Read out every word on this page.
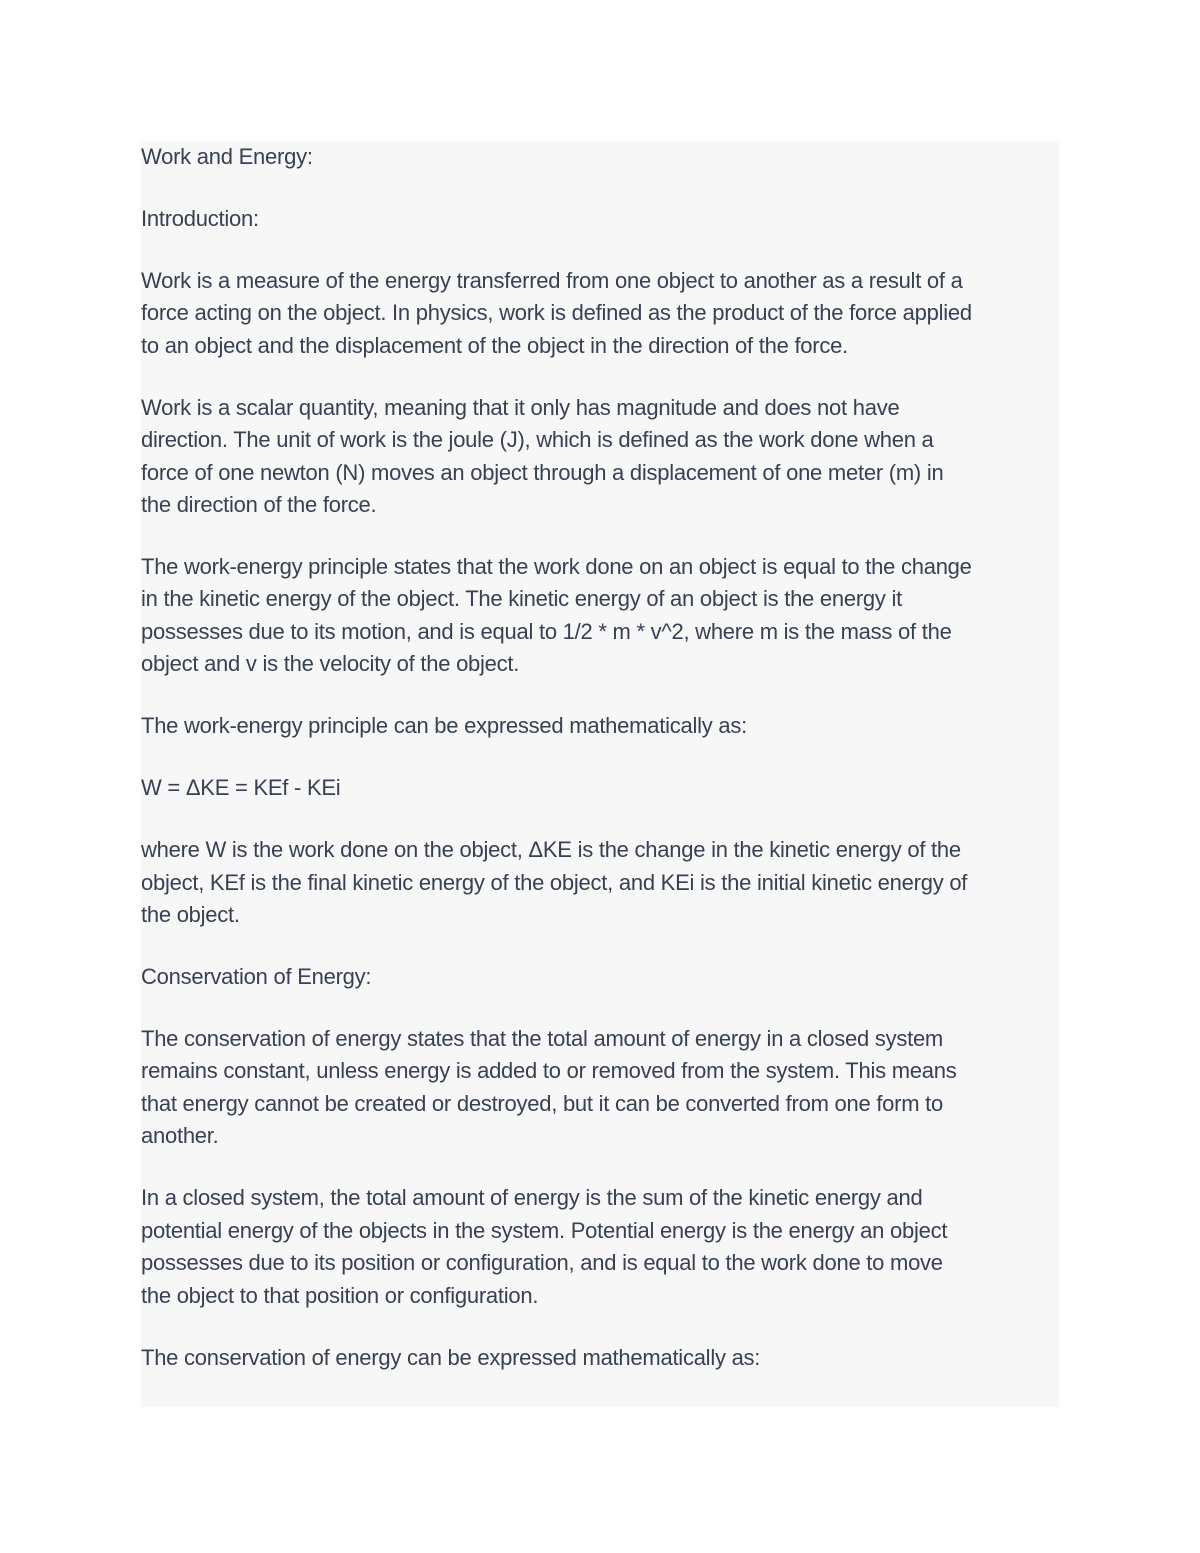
Work and Energy:

Introduction:

Work is a measure of the energy transferred from one object to another as a result of a
force acting on the object. In physics, work is defined as the product of the force applied
to an object and the displacement of the object in the direction of the force.

Work is a scalar quantity, meaning that it only has magnitude and does not have
direction. The unit of work is the joule (J), which is defined as the work done when a
force of one newton (N) moves an object through a displacement of one meter (m) in
the direction of the force.

The work-energy principle states that the work done on an object is equal to the change
in the kinetic energy of the object. The kinetic energy of an object is the energy it
possesses due to its motion, and is equal to 1/2 * m * v^2, where m is the mass of the
object and v is the velocity of the object.

The work-energy principle can be expressed mathematically as:

W = ΔKE = KEf - KEi

where W is the work done on the object, ΔKE is the change in the kinetic energy of the
object, KEf is the final kinetic energy of the object, and KEi is the initial kinetic energy of
the object.

Conservation of Energy:

The conservation of energy states that the total amount of energy in a closed system
remains constant, unless energy is added to or removed from the system. This means
that energy cannot be created or destroyed, but it can be converted from one form to
another.

In a closed system, the total amount of energy is the sum of the kinetic energy and
potential energy of the objects in the system. Potential energy is the energy an object
possesses due to its position or configuration, and is equal to the work done to move
the object to that position or configuration.

The conservation of energy can be expressed mathematically as:
